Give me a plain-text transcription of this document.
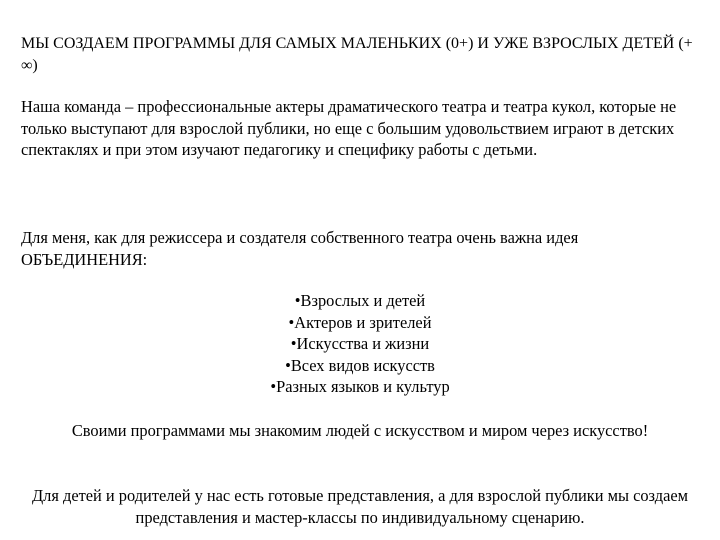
МЫ СОЗДАЕМ ПРОГРАММЫ ДЛЯ САМЫХ МАЛЕНЬКИХ (0+) И УЖЕ ВЗРОСЛЫХ ДЕТЕЙ (+ ∞)

Наша команда – профессиональные актеры драматического театра и театра кукол, которые не только выступают для взрослой публики, но еще с большим удовольствием играют в детских спектаклях и при этом изучают педагогику и специфику работы с детьми.

Для меня, как для режиссера и создателя собственного театра очень важна идея ОБЪЕДИНЕНИЯ:

• Взрослых и детей
• Актеров и зрителей
• Искусства и жизни
• Всех видов искусств
• Разных языков и культур

Своими программами мы знакомим людей с искусством и миром через искусство!

Для детей и родителей у нас есть готовые представления, а для взрослой публики мы создаем представления и мастер-классы по индивидуальному сценарию.
